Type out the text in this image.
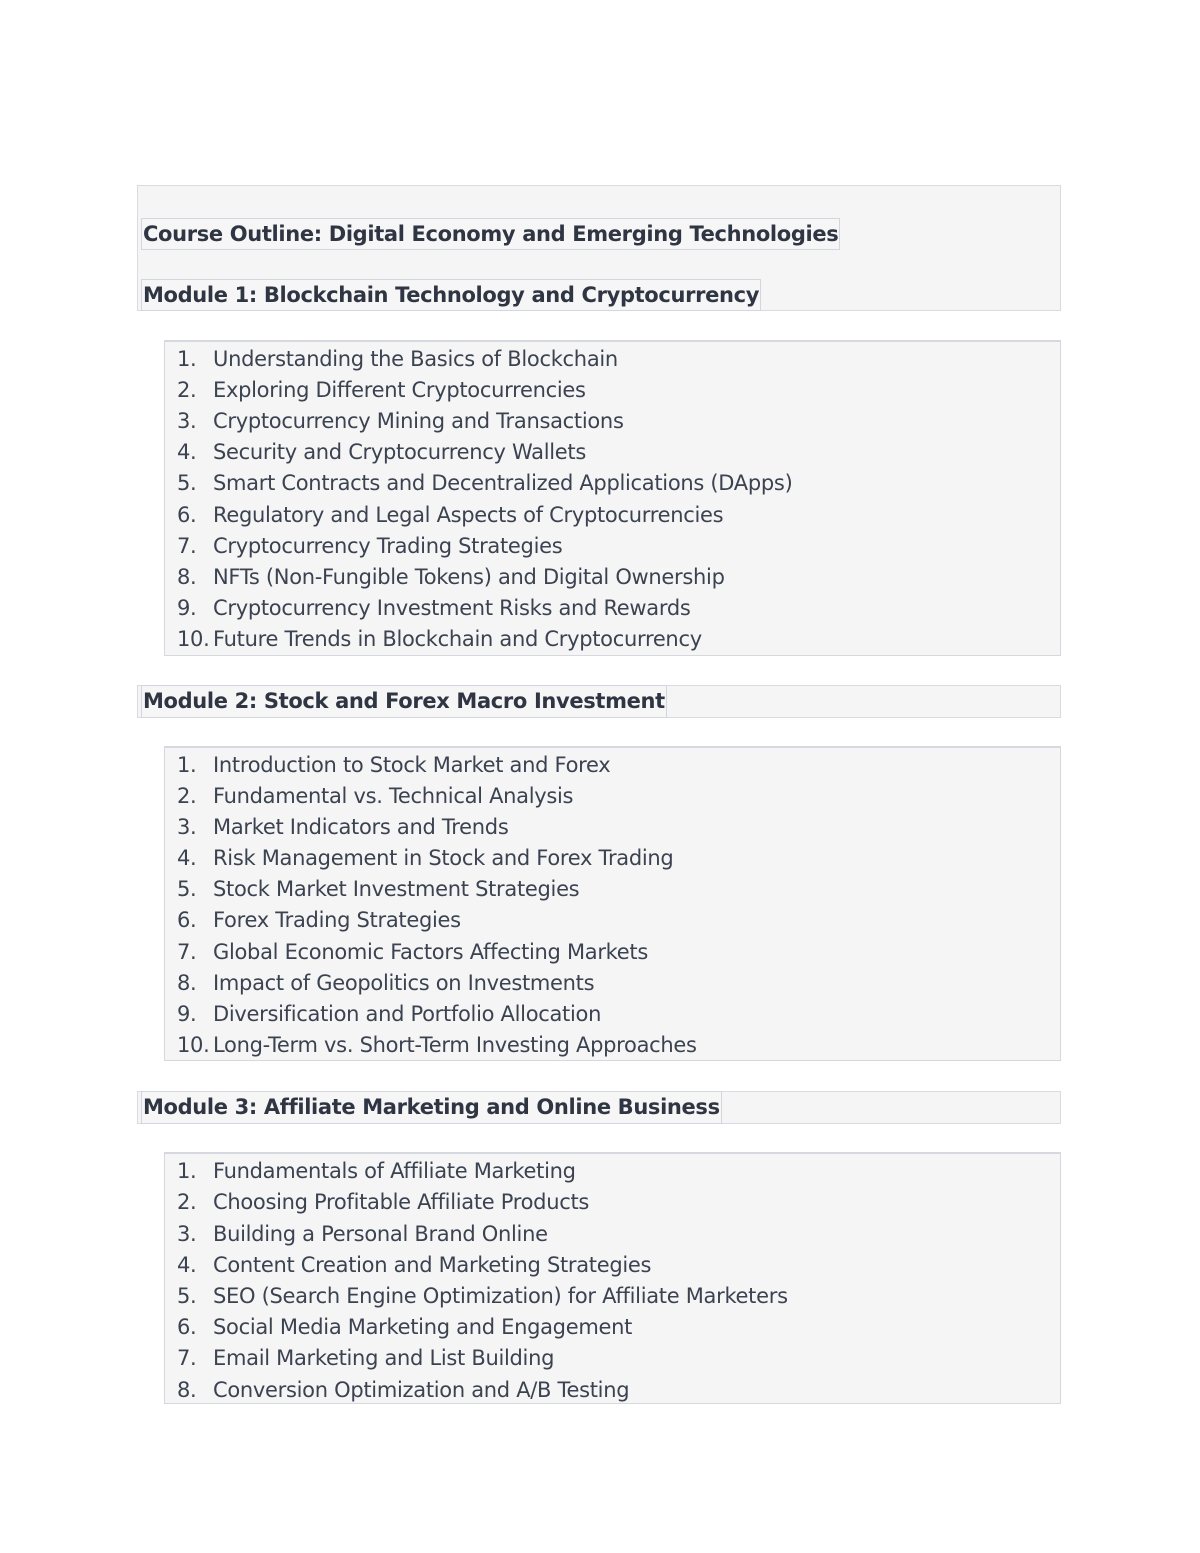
Course Outline: Digital Economy and Emerging Technologies
Module 1: Blockchain Technology and Cryptocurrency
1. Understanding the Basics of Blockchain
2. Exploring Different Cryptocurrencies
3. Cryptocurrency Mining and Transactions
4. Security and Cryptocurrency Wallets
5. Smart Contracts and Decentralized Applications (DApps)
6. Regulatory and Legal Aspects of Cryptocurrencies
7. Cryptocurrency Trading Strategies
8. NFTs (Non-Fungible Tokens) and Digital Ownership
9. Cryptocurrency Investment Risks and Rewards
10. Future Trends in Blockchain and Cryptocurrency
Module 2: Stock and Forex Macro Investment
1. Introduction to Stock Market and Forex
2. Fundamental vs. Technical Analysis
3. Market Indicators and Trends
4. Risk Management in Stock and Forex Trading
5. Stock Market Investment Strategies
6. Forex Trading Strategies
7. Global Economic Factors Affecting Markets
8. Impact of Geopolitics on Investments
9. Diversification and Portfolio Allocation
10. Long-Term vs. Short-Term Investing Approaches
Module 3: Affiliate Marketing and Online Business
1. Fundamentals of Affiliate Marketing
2. Choosing Profitable Affiliate Products
3. Building a Personal Brand Online
4. Content Creation and Marketing Strategies
5. SEO (Search Engine Optimization) for Affiliate Marketers
6. Social Media Marketing and Engagement
7. Email Marketing and List Building
8. Conversion Optimization and A/B Testing
